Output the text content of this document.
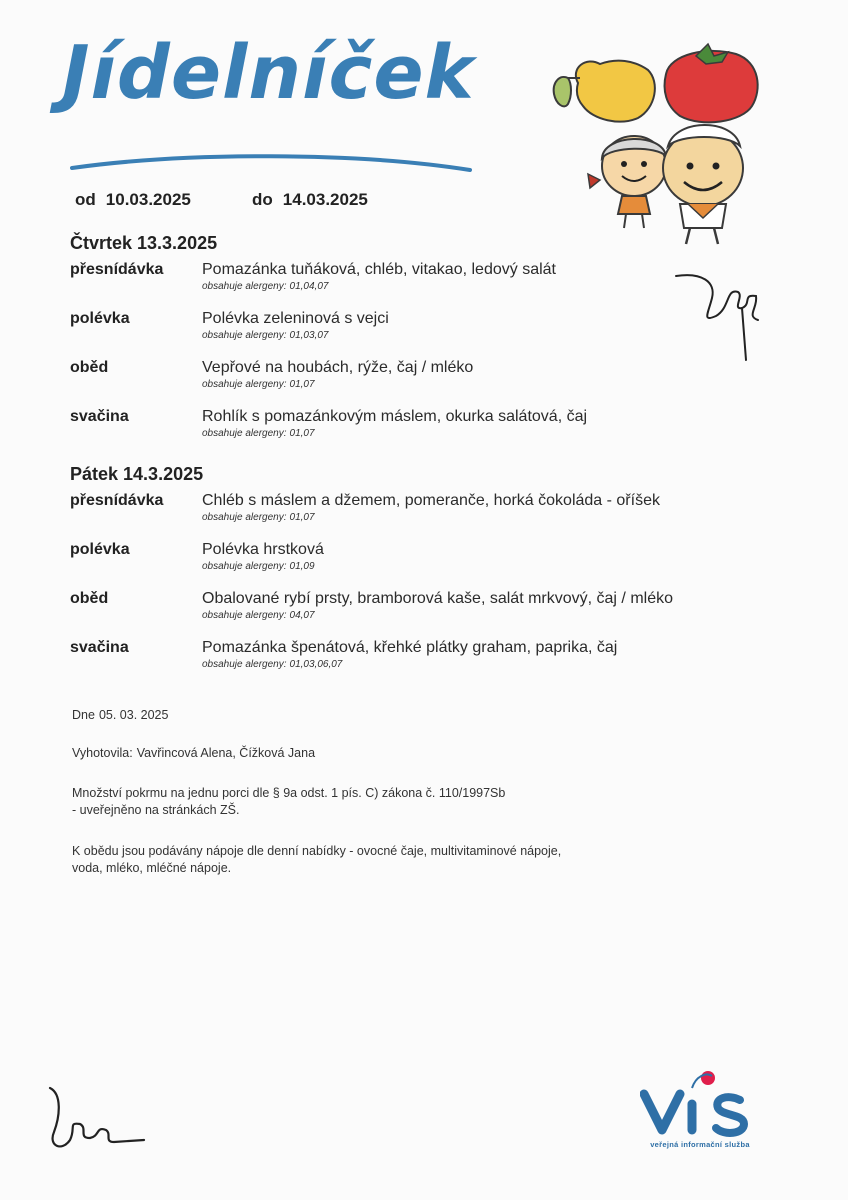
Jídelníček
od 10.03.2025	do 14.03.2025
Čtvrtek 13.3.2025
přesnídávka Pomazánka tuňáková, chléb, vitakao, ledový salát
obsahuje alergeny: 01,04,07
polévka	Polévka zeleninová s vejci
obsahuje alergeny: 01,03,07
oběd	Vepřové na houbách, rýže, čaj / mléko
obsahuje alergeny: 01,07
svačina	Rohlík s pomazánkovým máslem, okurka salátová, čaj
obsahuje alergeny: 01,07
Pátek 14.3.2025
přesnídávka Chléb s máslem a džemem, pomeranče, horká čokoláda - oříšek
obsahuje alergeny: 01,07
polévka	Polévka hrstková
obsahuje alergeny: 01,09
oběd	Obalované rybí prsty, bramborová kaše, salát mrkvový, čaj / mléko
obsahuje alergeny: 04,07
svačina	Pomazánka špenátová, křehké plátky graham, paprika, čaj
obsahuje alergeny: 01,03,06,07
Dne 05. 03. 2025
Vyhotovila: Vavřincová Alena, Čížková Jana
Množství pokrmu na jednu porci dle § 9a odst. 1 pís. C) zákona č. 110/1997Sb
- uveřejněno na stránkách ZŠ.
K obědu jsou podávány nápoje dle denní nabídky - ovocné čaje, multivitaminové nápoje,
voda, mléko, mléčné nápoje.
veřejná informační služba
